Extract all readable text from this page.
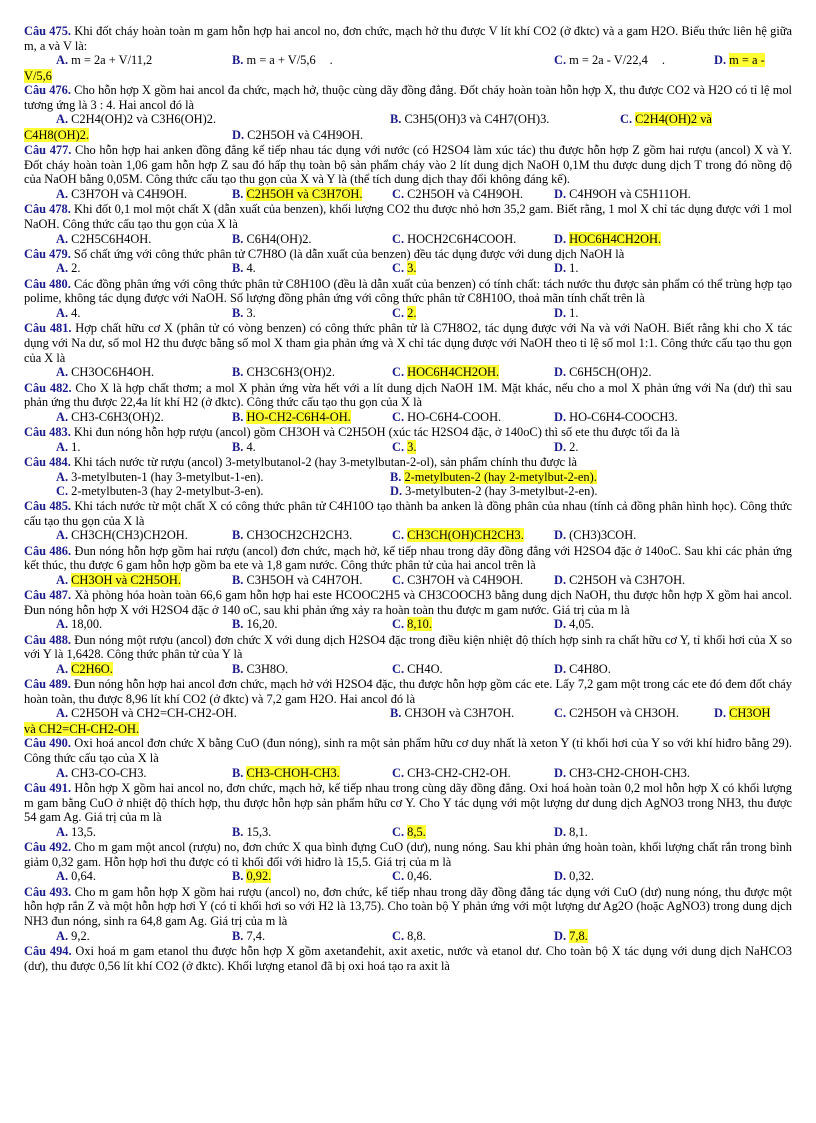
Câu 475. Khi đốt cháy hoàn toàn m gam hỗn hợp hai ancol no, đơn chức, mạch hở thu được V lít khí CO2 (ở đktc) và a gam H2O. Biểu thức liên hệ giữa m, a và V là:

A. m = 2a + V/11,2	B. m = a + V/5,6 .	C. m = 2a - V/22,4 .	D. m = a -
V/5,6

Câu 476. Cho hỗn hợp X gồm hai ancol đa chức, mạch hở, thuộc cùng dãy đồng đẳng. Đốt cháy hoàn toàn hỗn hợp X, thu được CO2 và H2O có tỉ lệ mol tương ứng là 3 : 4. Hai ancol đó là

A. C2H4(OH)2 và C3H6(OH)2.	B. C3H5(OH)3 và C4H7(OH)3.	C. C2H4(OH)2 và
C4H8(OH)2.	D. C2H5OH và C4H9OH.

Câu 477. Cho hỗn hợp hai anken đồng đẳng kế tiếp nhau tác dụng với nước (có H2SO4 làm xúc tác) thu được hỗn hợp Z gồm hai rượu (ancol) X và Y. Đốt cháy hoàn toàn 1,06 gam hỗn hợp Z sau đó hấp thụ toàn bộ sản phẩm cháy vào 2 lít dung dịch NaOH 0,1M thu được dung dịch T trong đó nồng độ của NaOH bằng 0,05M. Công thức cấu tạo thu gọn của X và Y là (thể tích dung dịch thay đổi không đáng kể).

A. C3H7OH và C4H9OH.	B. C2H5OH và C3H7OH. C. C2H5OH và C4H9OH. D. C4H9OH và C5H11OH.

Câu 478. Khi đốt 0,1 mol một chất X (dẫn xuất của benzen), khối lượng CO2 thu được nhỏ hơn 35,2 gam. Biết rằng, 1 mol X chỉ tác dụng được với 1 mol NaOH. Công thức cấu tạo thu gọn của X là

A. C2H5C6H4OH.	B. C6H4(OH)2.	C. HOCH2C6H4COOH.	D. HOC6H4CH2OH.

Câu 479. Số chất ứng với công thức phân tử C7H8O (là dẫn xuất của benzen) đều tác dụng được với dung dịch NaOH là

A. 2.	B. 4.	C. 3.	D. 1.

Câu 480. Các đồng phân ứng với công thức phân tử C8H10O (đều là dẫn xuất của benzen) có tính chất: tách nước thu được sản phẩm có thể trùng hợp tạo polime, không tác dụng được với NaOH. Số lượng đồng phân ứng với công thức phân tử C8H10O, thoả mãn tính chất trên là

A. 4.	B. 3.	C. 2.	D. 1.

Câu 481. Hợp chất hữu cơ X (phân tử có vòng benzen) có công thức phân tử là C7H8O2, tác dụng được với Na và với NaOH. Biết rằng khi cho X tác dụng với Na dư, số mol H2 thu được bằng số mol X tham gia phản ứng và X chỉ tác dụng được với NaOH theo tỉ lệ số mol 1:1. Công thức cấu tạo thu gọn của X là

A. CH3OC6H4OH.	B. CH3C6H3(OH)2.	C. HOC6H4CH2OH.	D. C6H5CH(OH)2.

Câu 482. Cho X là hợp chất thơm; a mol X phản ứng vừa hết với a lít dung dịch NaOH 1M. Mặt khác, nếu cho a mol X phản ứng với Na (dư) thì sau phản ứng thu được 22,4a lít khí H2 (ở đktc). Công thức cấu tạo thu gọn của X là

A. CH3-C6H3(OH)2.	B. HO-CH2-C6H4-OH.	C. HO-C6H4-COOH.	D. HO-C6H4-COOCH3.

Câu 483. Khi đun nóng hỗn hợp rượu (ancol) gồm CH3OH và C2H5OH (xúc tác H2SO4 đặc, ở 140oC) thì số ete thu được tối đa là

A. 1.	B. 4.	C. 3.	D. 2.

Câu 484. Khi tách nước từ rượu (ancol) 3-metylbutanol-2 (hay 3-metylbutan-2-ol), sản phẩm chính thu được là

A. 3-metylbuten-1 (hay 3-metylbut-1-en).	B. 2-metylbuten-2 (hay 2-metylbut-2-en).
C. 2-metylbuten-3 (hay 2-metylbut-3-en).	D. 3-metylbuten-2 (hay 3-metylbut-2-en).

Câu 485. Khi tách nước từ một chất X có công thức phân tử C4H10O tạo thành ba anken là đồng phân của nhau (tính cả đồng phân hình học). Công thức cấu tạo thu gọn của X là

A. CH3CH(CH3)CH2OH.	B. CH3OCH2CH2CH3.	C. CH3CH(OH)CH2CH3. D. (CH3)3COH.

Câu 486. Đun nóng hỗn hợp gồm hai rượu (ancol) đơn chức, mạch hở, kế tiếp nhau trong dãy đồng đẳng với H2SO4 đặc ở 140oC. Sau khi các phản ứng kết thúc, thu được 6 gam hỗn hợp gồm ba ete và 1,8 gam nước. Công thức phân tử của hai ancol trên là

A. CH3OH và C2H5OH.	B. C3H5OH và C4H7OH. C. C3H7OH và C4H9OH. D. C2H5OH và C3H7OH.

Câu 487. Xà phòng hóa hoàn toàn 66,6 gam hỗn hợp hai este HCOOC2H5 và CH3COOCH3 bằng dung dịch NaOH, thu được hỗn hợp X gồm hai ancol. Đun nóng hỗn hợp X với H2SO4 đặc ở 140 oC, sau khi phản ứng xảy ra hoàn toàn thu được m gam nước. Giá trị của m là

A. 18,00.	B. 16,20.	C. 8,10.	D. 4,05.

Câu 488. Đun nóng một rượu (ancol) đơn chức X với dung dịch H2SO4 đặc trong điều kiện nhiệt độ thích hợp sinh ra chất hữu cơ Y, tỉ khối hơi của X so với Y là 1,6428. Công thức phân tử của Y là

A. C2H6O.	B. C3H8O.	C. CH4O.	D. C4H8O.

Câu 489. Đun nóng hỗn hợp hai ancol đơn chức, mạch hở với H2SO4 đặc, thu được hỗn hợp gồm các ete. Lấy 7,2 gam một trong các ete đó đem đốt cháy hoàn toàn, thu được 8,96 lít khí CO2 (ở đktc) và 7,2 gam H2O. Hai ancol đó là

A. C2H5OH và CH2=CH-CH2-OH.	B. CH3OH và C3H7OH.	C. C2H5OH và CH3OH.	D. CH3OH
và CH2=CH-CH2-OH.

Câu 490. Oxi hoá ancol đơn chức X bằng CuO (đun nóng), sinh ra một sản phẩm hữu cơ duy nhất là xeton Y (tỉ khối hơi của Y so với khí hiđro bằng 29). Công thức cấu tạo của X là

A. CH3-CO-CH3.	B. CH3-CHOH-CH3.	C. CH3-CH2-CH2-OH.	D. CH3-CH2-CHOH-CH3.

Câu 491. Hỗn hợp X gồm hai ancol no, đơn chức, mạch hở, kế tiếp nhau trong cùng dãy đồng đẳng. Oxi hoá hoàn toàn 0,2 mol hỗn hợp X có khối lượng m gam bằng CuO ở nhiệt độ thích hợp, thu được hỗn hợp sản phẩm hữu cơ Y. Cho Y tác dụng với một lượng dư dung dịch AgNO3 trong NH3, thu được 54 gam Ag. Giá trị của m là

A. 13,5.	B. 15,3.	C. 8,5.	D. 8,1.

Câu 492. Cho m gam một ancol (rượu) no, đơn chức X qua bình đựng CuO (dư), nung nóng. Sau khi phản ứng hoàn toàn, khối lượng chất rắn trong bình giảm 0,32 gam. Hỗn hợp hơi thu được có tỉ khối đối với hiđro là 15,5. Giá trị của m là

A. 0,64.	B. 0,92.	C. 0,46.	D. 0,32.

Câu 493. Cho m gam hỗn hợp X gồm hai rượu (ancol) no, đơn chức, kế tiếp nhau trong dãy đồng đẳng tác dụng với CuO (dư) nung nóng, thu được một hỗn hợp rắn Z và một hỗn hợp hơi Y (có tỉ khối hơi so với H2 là 13,75). Cho toàn bộ Y phản ứng với một lượng dư Ag2O (hoặc AgNO3) trong dung dịch NH3 đun nóng, sinh ra 64,8 gam Ag. Giá trị của m là

A. 9,2.	B. 7,4.	C. 8,8.	D. 7,8.

Câu 494. Oxi hoá m gam etanol thu được hỗn hợp X gồm axetanđehit, axit axetic, nước và etanol dư. Cho toàn bộ X tác dụng với dung dịch NaHCO3 (dư), thu được 0,56 lít khí CO2 (ở đktc). Khối lượng etanol đã bị oxi hoá tạo ra axit là
